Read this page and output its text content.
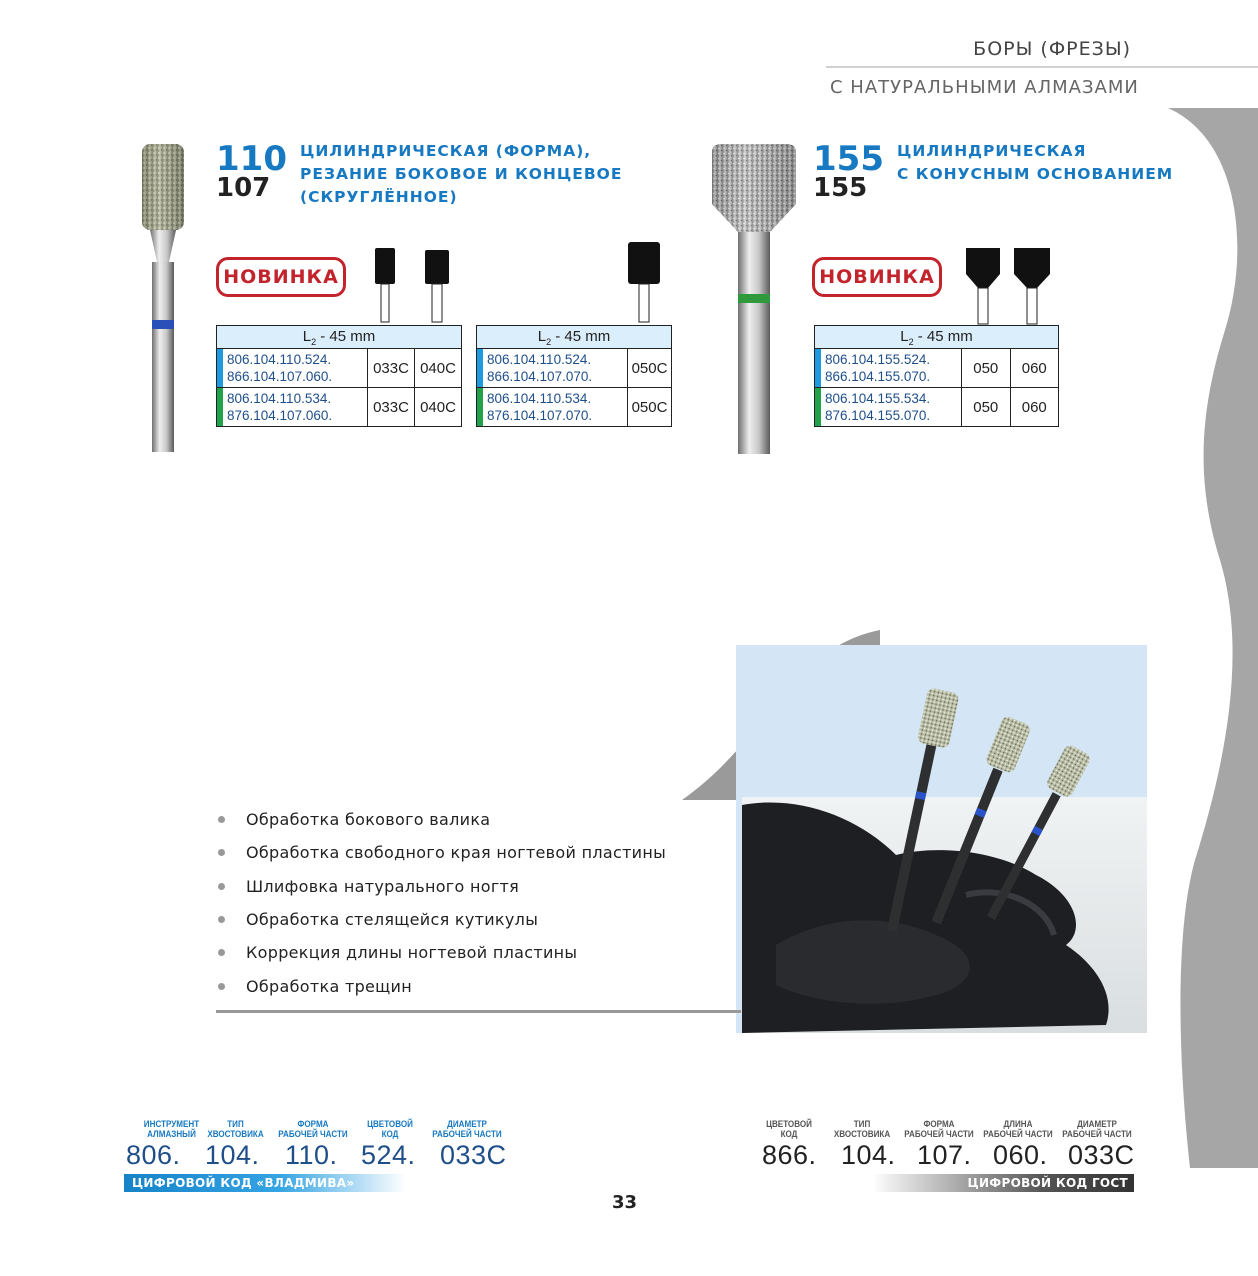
БОРЫ (ФРЕЗЫ)
С НАТУРАЛЬНЫМИ АЛМАЗАМИ
110
107
ЦИЛИНДРИЧЕСКАЯ (ФОРМА),
РЕЗАНИЕ БОКОВОЕ И КОНЦЕВОЕ
(СКРУГЛЁННОЕ)
НОВИНКА
$L_2 - 45$ mm		

806.104.110.524.
866.104.107.060.	033C	040C

806.104.110.534.
876.104.107.060.	033C	040C
$L_2 - 45$ mm	

806.104.110.524.
866.104.107.070.	050C

806.104.110.534.
876.104.107.070.	050C
155
155
ЦИЛИНДРИЧЕСКАЯ
С КОНУСНЫМ ОСНОВАНИЕМ
НОВИНКА
$L_2 - 45$ mm		

806.104.155.524.
866.104.155.070.	050	060

806.104.155.534.
876.104.155.070.	050	060
Обработка бокового валика
Обработка свободного края ногтевой пластины
Шлифовка натурального ногтя
Обработка стелящейся кутикулы
Коррекция длины ногтевой пластины
Обработка трещин
ИНСТРУМЕНТ
АЛМАЗНЫЙ
ТИП
ХВОСТОВИКА
ФОРМА
РАБОЧЕЙ ЧАСТИ
ЦВЕТОВОЙ
КОД
ДИАМЕТР
РАБОЧЕЙ ЧАСТИ
806. 104. 110. 524. 033C
ЦИФРОВОЙ КОД «ВЛАДМИВА»
ЦВЕТОВОЙ
КОД
ТИП
ХВОСТОВИКА
ФОРМА
РАБОЧЕЙ ЧАСТИ
ДЛИНА
РАБОЧЕЙ ЧАСТИ
ДИАМЕТР
РАБОЧЕЙ ЧАСТИ
866. 104. 107. 060. 033C
ЦИФРОВОЙ КОД ГОСТ
33
